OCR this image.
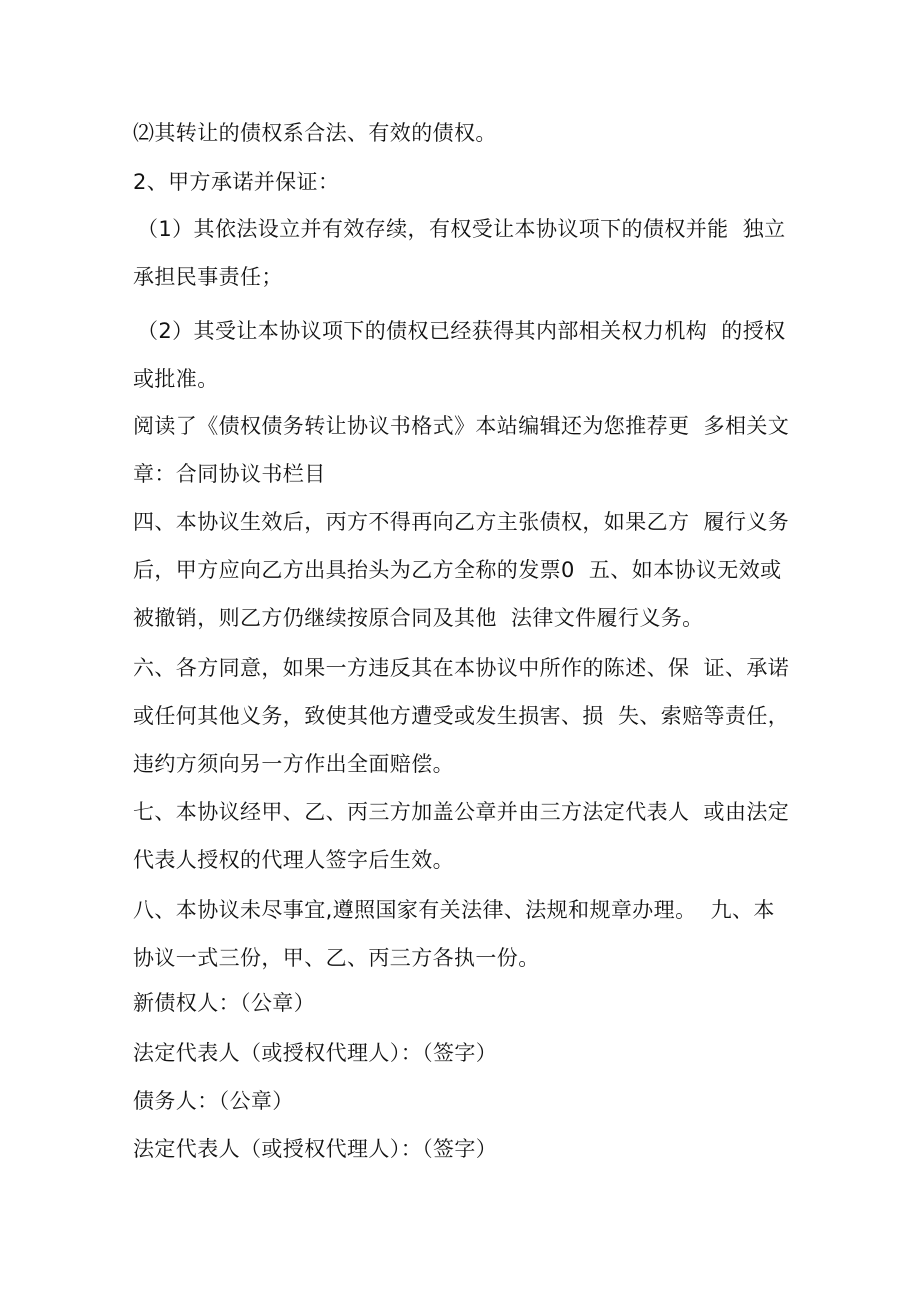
⑵其转让的债权系合法、有效的债权。
2、甲方承诺并保证：
（1）其依法设立并有效存续，有权受让本协议项下的债权并能  独立
承担民事责任；
（2）其受让本协议项下的债权已经获得其内部相关权力机构  的授权
或批准。
阅读了《债权债务转让协议书格式》本站编辑还为您推荐更  多相关文
章：合同协议书栏目
四、本协议生效后，丙方不得再向乙方主张债权，如果乙方  履行义务
后，甲方应向乙方出具抬头为乙方全称的发票0  五、如本协议无效或
被撤销，则乙方仍继续按原合同及其他  法律文件履行义务。
六、各方同意，如果一方违反其在本协议中所作的陈述、保  证、承诺
或任何其他义务，致使其他方遭受或发生损害、损  失、索赔等责任，
违约方须向另一方作出全面赔偿。
七、本协议经甲、乙、丙三方加盖公章并由三方法定代表人  或由法定
代表人授权的代理人签字后生效。
八、本协议未尽事宜,遵照国家有关法律、法规和规章办理。  九、本
协议一式三份，甲、乙、丙三方各执一份。
新债权人：（公章）
法定代表人（或授权代理人）：（签字）
债务人：（公章）
法定代表人（或授权代理人）：（签字）
